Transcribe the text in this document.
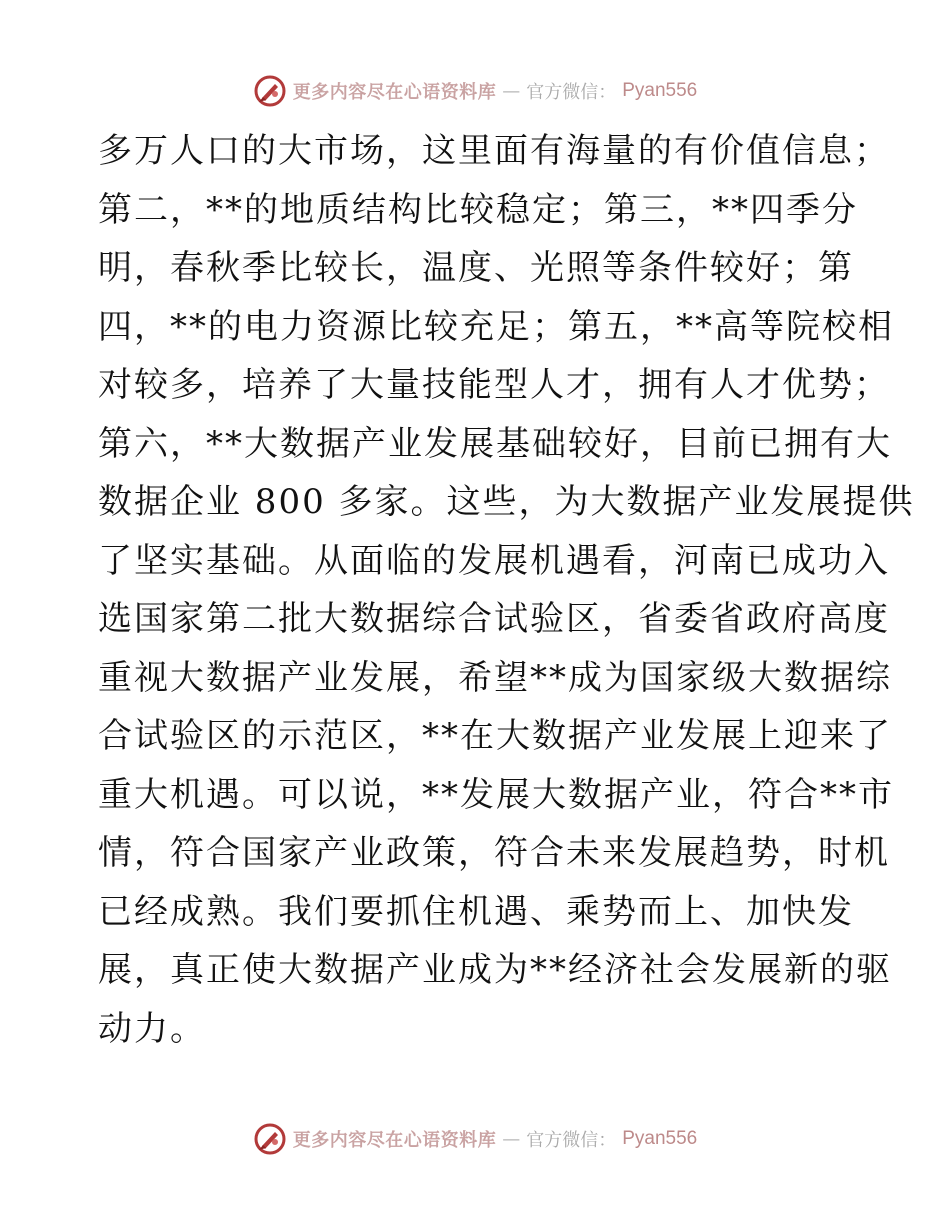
更多内容尽在心语资料库 — 官方微信： Pyan556
多万人口的大市场，这里面有海量的有价值信息；
第二，**的地质结构比较稳定；第三，**四季分
明，春秋季比较长，温度、光照等条件较好；第
四，**的电力资源比较充足；第五，**高等院校相
对较多，培养了大量技能型人才，拥有人才优势；
第六，**大数据产业发展基础较好，目前已拥有大
数据企业 800 多家。这些，为大数据产业发展提供
了坚实基础。从面临的发展机遇看，河南已成功入
选国家第二批大数据综合试验区，省委省政府高度
重视大数据产业发展，希望**成为国家级大数据综
合试验区的示范区，**在大数据产业发展上迎来了
重大机遇。可以说，**发展大数据产业，符合**市
情，符合国家产业政策，符合未来发展趋势，时机
已经成熟。我们要抓住机遇、乘势而上、加快发
展，真正使大数据产业成为**经济社会发展新的驱
动力。
更多内容尽在心语资料库 — 官方微信： Pyan556
